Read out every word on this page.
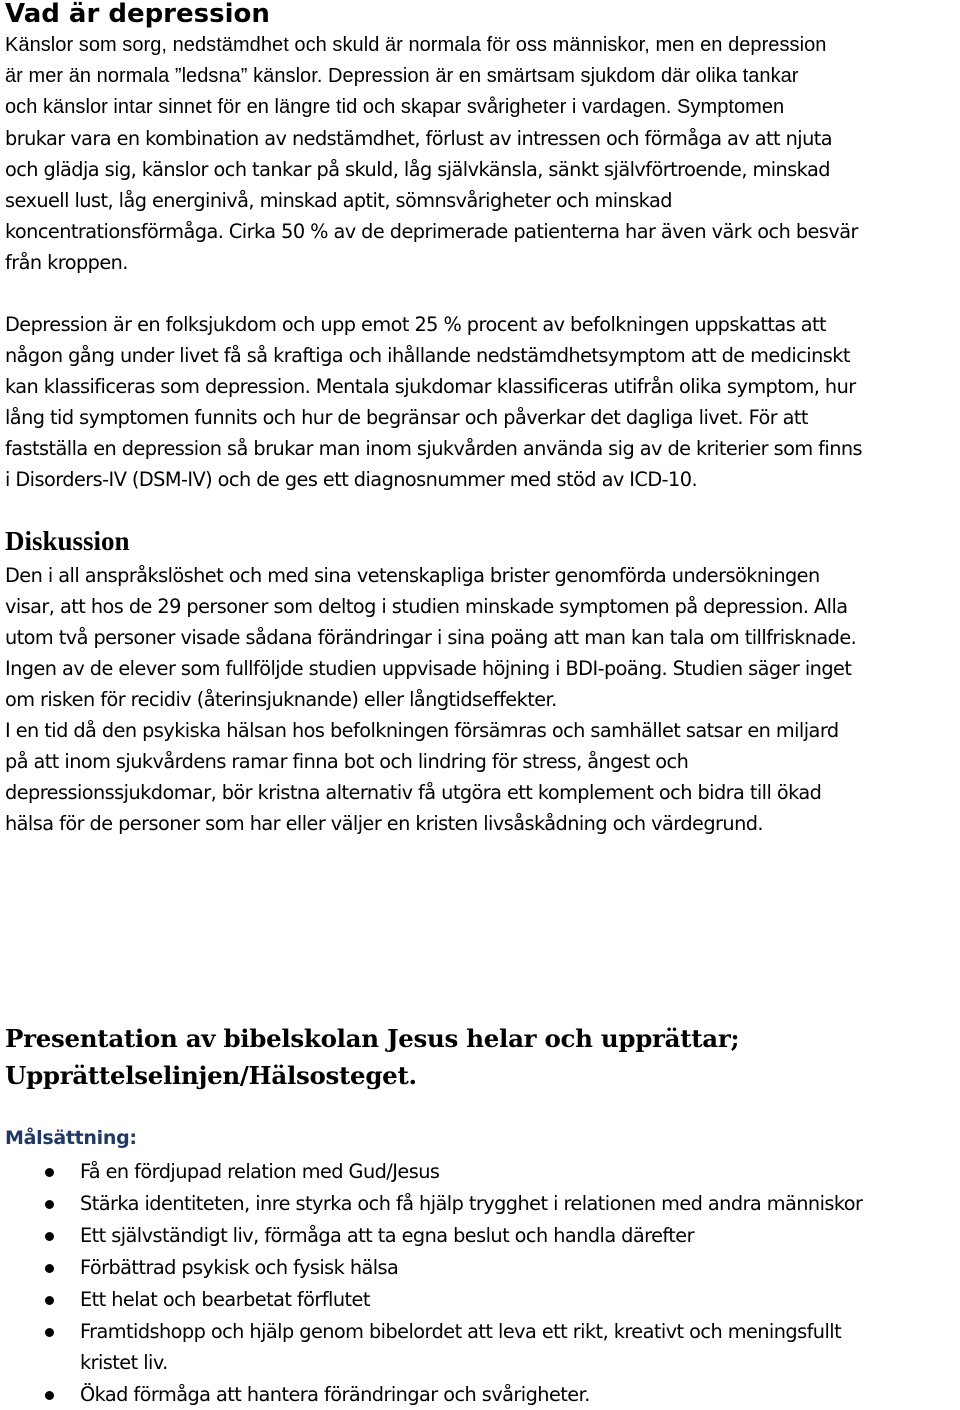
Vad är depression
Känslor som sorg, nedstämdhet och skuld är normala för oss människor, men en depression
är mer än normala ”ledsna” känslor. Depression är en smärtsam sjukdom där olika tankar
och känslor intar sinnet för en längre tid och skapar svårigheter i vardagen. Symptomen
brukar vara en kombination av nedstämdhet, förlust av intressen och förmåga av att njuta
och glädja sig, känslor och tankar på skuld, låg självkänsla, sänkt självförtroende, minskad
sexuell lust, låg energinivå, minskad aptit, sömnsvårigheter och minskad
koncentrationsförmåga. Cirka 50 % av de deprimerade patienterna har även värk och besvär
från kroppen.
Depression är en folksjukdom och upp emot 25 % procent av befolkningen uppskattas att
någon gång under livet få så kraftiga och ihållande nedstämdhetsymptom att de medicinskt
kan klassificeras som depression. Mentala sjukdomar klassificeras utifrån olika symptom, hur
lång tid symptomen funnits och hur de begränsar och påverkar det dagliga livet. För att
fastställa en depression så brukar man inom sjukvården använda sig av de kriterier som finns
i Disorders-IV (DSM-IV) och de ges ett diagnosnummer med stöd av ICD-10.
Diskussion
Den i all anspråkslöshet och med sina vetenskapliga brister genomförda undersökningen
visar, att hos de 29 personer som deltog i studien minskade symptomen på depression. Alla
utom två personer visade sådana förändringar i sina poäng att man kan tala om tillfrisknade.
Ingen av de elever som fullföljde studien uppvisade höjning i BDI-poäng. Studien säger inget
om risken för recidiv (återinsjuknande) eller långtidseffekter.
I en tid då den psykiska hälsan hos befolkningen försämras och samhället satsar en miljard
på att inom sjukvårdens ramar finna bot och lindring för stress, ångest och
depressionssjukdomar, bör kristna alternativ få utgöra ett komplement och bidra till ökad
hälsa för de personer som har eller väljer en kristen livsåskådning och värdegrund.
Presentation av bibelskolan Jesus helar och upprättar;
Upprättelselinjen/Hälsosteget.
Målsättning:
Få en fördjupad relation med Gud/Jesus
Stärka identiteten, inre styrka och få hjälp trygghet i relationen med andra människor
Ett självständigt liv, förmåga att ta egna beslut och handla därefter
Förbättrad psykisk och fysisk hälsa
Ett helat och bearbetat förflutet
Framtidshopp och hjälp genom bibelordet att leva ett rikt, kreativt och meningsfullt
kristet liv.
Ökad förmåga att hantera förändringar och svårigheter.
